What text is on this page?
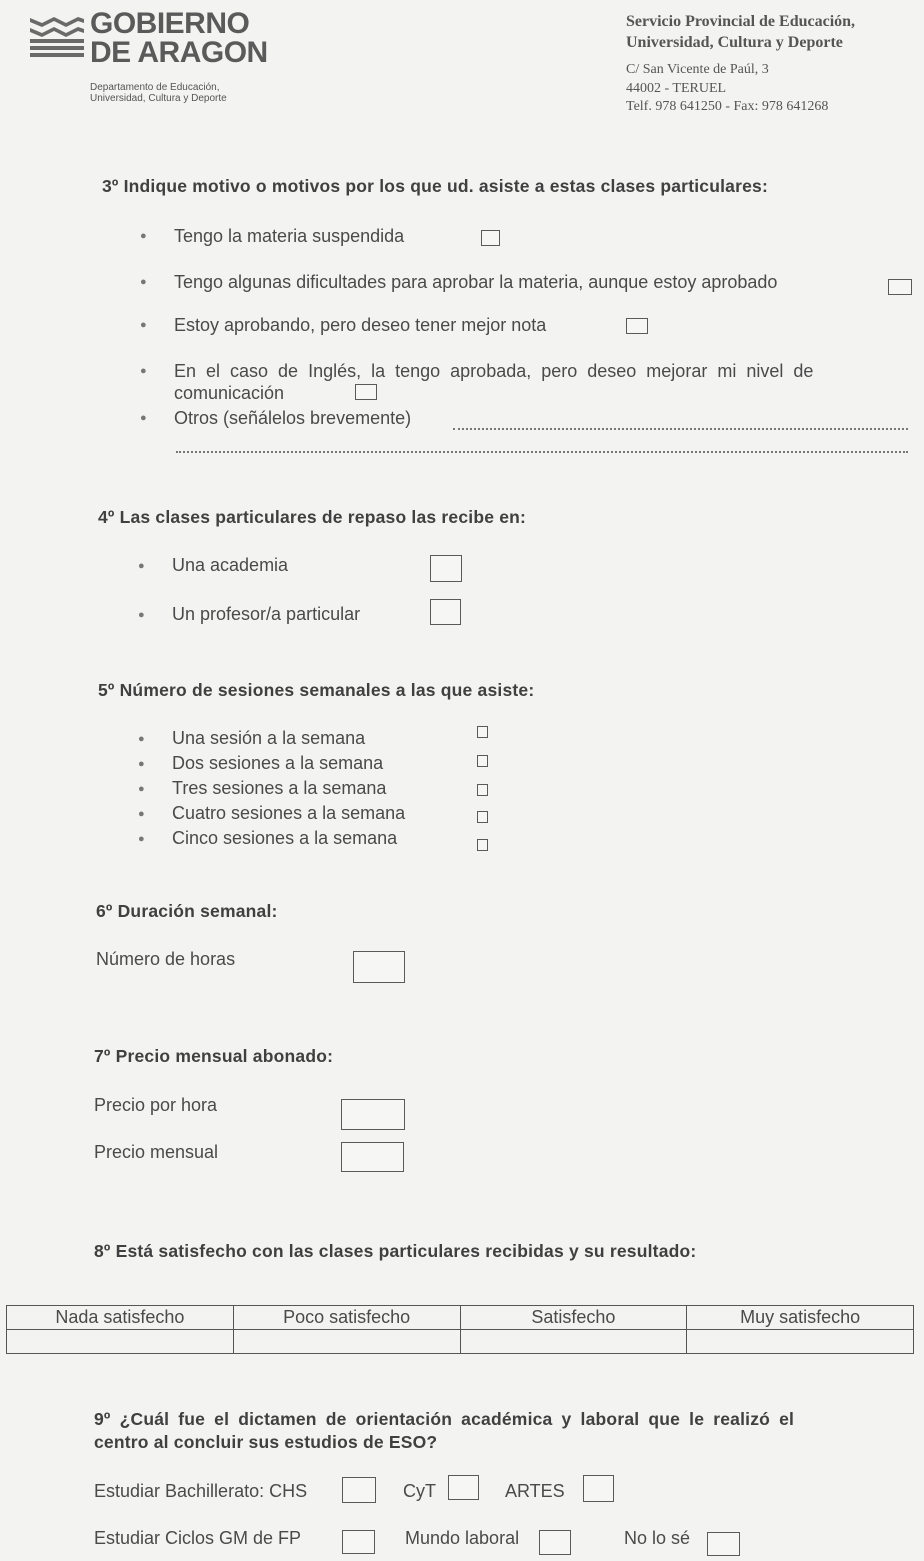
GOBIERNO
DE ARAGON
Departamento de Educación,
Universidad, Cultura y Deporte
Servicio Provincial de Educación,
Universidad, Cultura y Deporte
C/ San Vicente de Paúl, 3
44002 - TERUEL
Telf. 978 641250 - Fax: 978 641268
3º Indique motivo o motivos por los que ud. asiste a estas clases particulares:
● Tengo la materia suspendida
● Tengo algunas dificultades para aprobar la materia, aunque estoy aprobado
● Estoy aprobando, pero deseo tener mejor nota
● En el caso de Inglés, la tengo aprobada, pero deseo mejorar mi nivel de
comunicación
● Otros (señálelos brevemente)
4º Las clases particulares de repaso las recibe en:
● Una academia
● Un profesor/a particular
5º Número de sesiones semanales a las que asiste:
● Una sesión a la semana
● Dos sesiones a la semana
● Tres sesiones a la semana
● Cuatro sesiones a la semana
● Cinco sesiones a la semana
6º Duración semanal:
Número de horas
7º Precio mensual abonado:
Precio por hora
Precio mensual
8º Está satisfecho con las clases particulares recibidas y su resultado:
Nada satisfecho	Poco satisfecho	Satisfecho	Muy satisfecho

9º ¿Cuál fue el dictamen de orientación académica y laboral que le realizó el
centro al concluir sus estudios de ESO?
Estudiar Bachillerato: CHS	CyT	ARTES
Estudiar Ciclos GM de FP	Mundo laboral	No lo sé
